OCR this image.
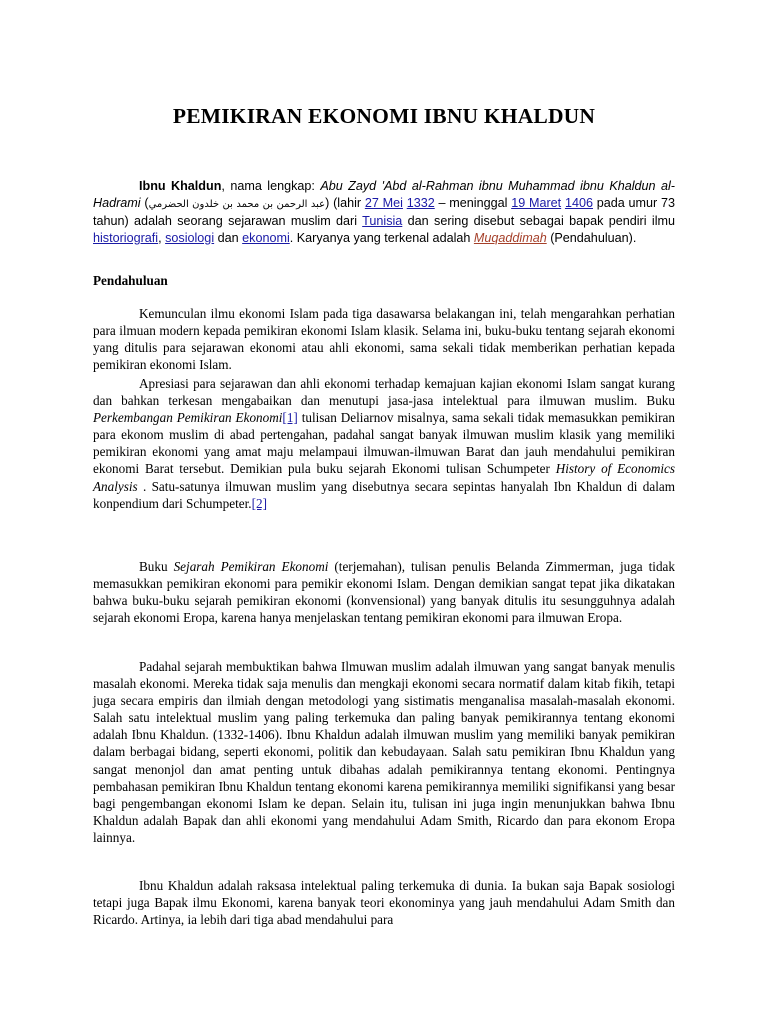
PEMIKIRAN EKONOMI IBNU KHALDUN

Ibnu Khaldun, nama lengkap: Abu Zayd 'Abd al-Rahman ibnu Muhammad ibnu Khaldun al-Hadrami (عبد الرحمن بن محمد بن خلدون الحضرمي) (lahir 27 Mei 1332 – meninggal 19 Maret 1406 pada umur 73 tahun) adalah seorang sejarawan muslim dari Tunisia dan sering disebut sebagai bapak pendiri ilmu historiografi, sosiologi dan ekonomi. Karyanya yang terkenal adalah Muqaddimah (Pendahuluan).

Pendahuluan

Kemunculan ilmu ekonomi Islam pada tiga dasawarsa belakangan ini, telah mengarahkan perhatian para ilmuan modern kepada pemikiran ekonomi Islam klasik. Selama ini, buku-buku tentang sejarah ekonomi yang ditulis para sejarawan ekonomi atau ahli ekonomi, sama sekali tidak memberikan perhatian kepada pemikiran ekonomi Islam.

Apresiasi para sejarawan dan ahli ekonomi terhadap kemajuan kajian ekonomi Islam sangat kurang dan bahkan terkesan mengabaikan dan menutupi jasa-jasa intelektual para ilmuwan muslim. Buku Perkembangan Pemikiran Ekonomi[1] tulisan Deliarnov misalnya, sama sekali tidak memasukkan pemikiran para ekonom muslim di abad pertengahan, padahal sangat banyak ilmuwan muslim klasik yang memiliki pemikiran ekonomi yang amat maju melampaui ilmuwan-ilmuwan Barat dan jauh mendahului pemikiran ekonomi Barat tersebut. Demikian pula buku sejarah Ekonomi tulisan Schumpeter History of Economics Analysis . Satu-satunya ilmuwan muslim yang disebutnya secara sepintas hanyalah Ibn Khaldun di dalam konpendium dari Schumpeter.[2]

Buku Sejarah Pemikiran Ekonomi (terjemahan), tulisan penulis Belanda Zimmerman, juga tidak memasukkan pemikiran ekonomi para pemikir ekonomi Islam. Dengan demikian sangat tepat jika dikatakan bahwa buku-buku sejarah pemikiran ekonomi (konvensional) yang banyak ditulis itu sesungguhnya adalah sejarah ekonomi Eropa, karena hanya menjelaskan tentang pemikiran ekonomi para ilmuwan Eropa.

Padahal sejarah membuktikan bahwa Ilmuwan muslim adalah ilmuwan yang sangat banyak menulis masalah ekonomi. Mereka tidak saja menulis dan mengkaji ekonomi secara normatif dalam kitab fikih, tetapi juga secara empiris dan ilmiah dengan metodologi yang sistimatis menganalisa masalah-masalah ekonomi. Salah satu intelektual muslim yang paling terkemuka dan paling banyak pemikirannya tentang ekonomi adalah Ibnu Khaldun. (1332-1406). Ibnu Khaldun adalah ilmuwan muslim yang memiliki banyak pemikiran dalam berbagai bidang, seperti ekonomi, politik dan kebudayaan. Salah satu pemikiran Ibnu Khaldun yang sangat menonjol dan amat penting untuk dibahas adalah pemikirannya tentang ekonomi. Pentingnya pembahasan pemikiran Ibnu Khaldun tentang ekonomi karena pemikirannya memiliki signifikansi yang besar bagi pengembangan ekonomi Islam ke depan. Selain itu, tulisan ini juga ingin menunjukkan bahwa Ibnu Khaldun adalah Bapak dan ahli ekonomi yang mendahului Adam Smith, Ricardo dan para ekonom Eropa lainnya.

Ibnu Khaldun adalah raksasa intelektual paling terkemuka di dunia. Ia bukan saja Bapak sosiologi tetapi juga Bapak ilmu Ekonomi, karena banyak teori ekonominya yang jauh mendahului Adam Smith dan Ricardo. Artinya, ia lebih dari tiga abad mendahului para
